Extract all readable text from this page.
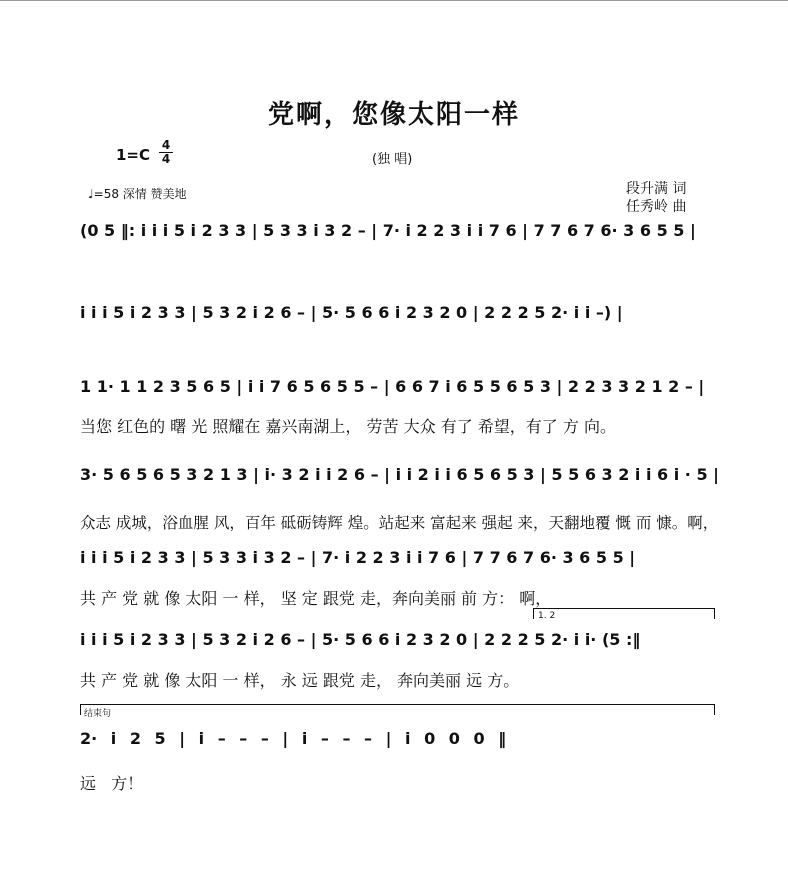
党啊，您像太阳一样
1=C
4
4	(独 唱)
♩=58 深情 赞美地	段升满 词
任秀岭 曲
(0 5 ‖: i i i 5 i 2 3 3 | 5 3 3 i 3 2 – | 7· i 2 2 3 i i 7 6 | 7 7 6 7 6· 3 6 5 5 |
i i i 5 i 2 3 3 | 5 3 2 i 2 6 – | 5· 5 6 6 i 2 3 2 0 | 2 2 2 5 2· i i –) |
1 1· 1 1 2 3 5 6 5 | i i 7 6 5 6 5 5 – | 6 6 7 i 6 5 5 6 5 3 | 2 2 3 3 2 1 2 – |
当您 红色的 曙 光 照耀在 嘉兴南湖上， 劳苦 大众 有了 希望，有了 方 向。
3· 5 6 5 6 5 3 2 1 3 | i· 3 2 i i 2 6 – | i i 2 i i 6 5 6 5 3 | 5 5 6 3 2 i i 6 i · 5 |
众志 成城，浴血腥 风，百年 砥砺铸辉 煌。站起来 富起来 强起 来，天翻地覆 慨 而 慷。啊，
i i i 5 i 2 3 3 | 5 3 3 i 3 2 – | 7· i 2 2 3 i i 7 6 | 7 7 6 7 6· 3 6 5 5 |
共 产 党 就 像 太阳 一 样， 坚 定 跟党 走，奔向美丽 前 方： 啊，
1. 2
i i i 5 i 2 3 3 | 5 3 2 i 2 6 – | 5· 5 6 6 i 2 3 2 0 | 2 2 2 5 2· i i· (5 :‖
共 产 党 就 像 太阳 一 样， 永 远 跟党 走， 奔向美丽 远 方。
结束句
2· i 2 5 | i – – – | i – – – | i 0 0 0 ‖
远 方！
